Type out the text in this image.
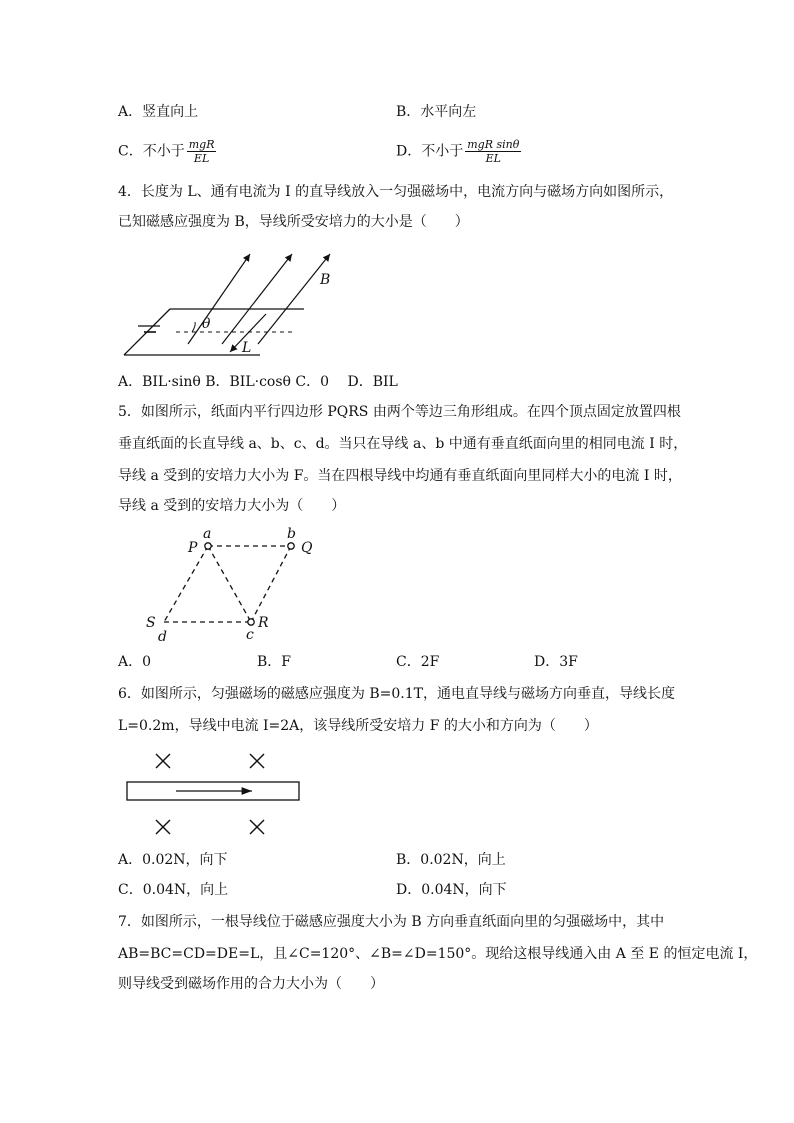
A．竖直向上	B．水平向左
C．不小于 $\frac{\text{mgR}}{EL}$	D．不小于 $\frac{\text{mgR sinθ}}{EL}$
4．长度为 L、通有电流为 I 的直导线放入一匀强磁场中，电流方向与磁场方向如图所示，
已知磁感应强度为 B，导线所受安培力的大小是（　　）
θ
B
L
A．BIL·sinθ B．BIL·cosθ C．0　 D．BIL
5．如图所示，纸面内平行四边形 PQRS 由两个等边三角形组成。在四个顶点固定放置四根
垂直纸面的长直导线 a、b、c、d。当只在导线 a、b 中通有垂直纸面向里的相同电流 I 时，
导线 a 受到的安培力大小为 F。当在四根导线中均通有垂直纸面向里同样大小的电流 I 时，
导线 a 受到的安培力大小为（　　）
P
a	b
Q
S
d
R
c
A．0	B．F	C．2F	D．3F
6．如图所示，匀强磁场的磁感应强度为 B=0.1T，通电直导线与磁场方向垂直，导线长度
L=0.2m，导线中电流 I=2A，该导线所受安培力 F 的大小和方向为（　　）
A．0.02N，向下	B．0.02N，向上
C．0.04N，向上	D．0.04N，向下
7．如图所示，一根导线位于磁感应强度大小为 B 方向垂直纸面向里的匀强磁场中，其中
AB=BC=CD=DE=L，且∠C=120°、∠B=∠D=150°。现给这根导线通入由 A 至 E 的恒定电流 I，
则导线受到磁场作用的合力大小为（　　）
